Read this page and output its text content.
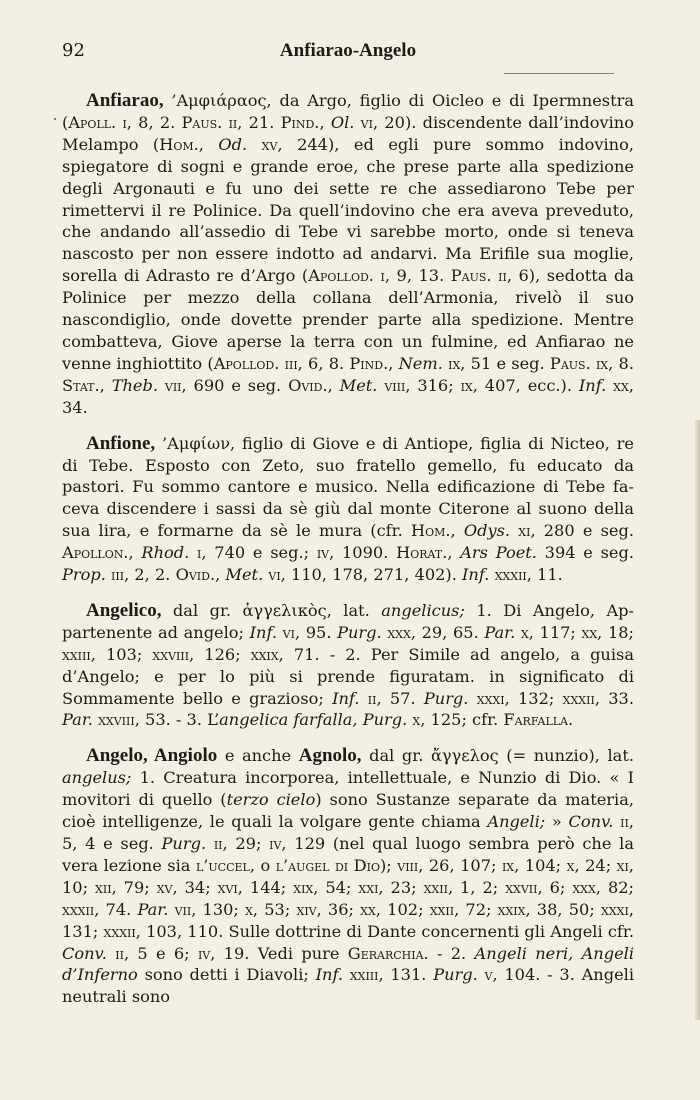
92	Anfiarao-Angelo

Anfiarao, ’Αμφιάραος, da Argo, figlio di Oicleo e di Ipermnestra (Apoll. i, 8, 2. Paus. ii, 21. Pind., Ol. vi, 20). discendente dall’indovino Melampo (Hom., Od. xv, 244), ed egli pure sommo indovino, spiegatore di sogni e grande eroe, che prese parte alla spedizione degli Argonauti e fu uno dei sette re che assediarono Tebe per rimettervi il re Polinice. Da quell’indovino che era aveva preveduto, che andando all’assedio di Tebe vi sarebbe morto, onde si teneva nascosto per non essere indotto ad andarvi. Ma Erifile sua moglie, sorella di Adrasto re d’Argo (Apollod. i, 9, 13. Paus. ii, 6), sedotta da Polinice per mezzo della collana dell’Armonia, rivelò il suo nascondiglio, onde dovette prender parte alla spedizione. Mentre combatteva, Giove aperse la terra con un fulmine, ed Anfiarao ne venne inghiottito (Apollod. iii, 6, 8. Pind., Nem. ix, 51 e seg. Paus. ix, 8. Stat., Theb. vii, 690 e seg. Ovid., Met. viii, 316; ix, 407, ecc.). Inf. xx, 34.

Anfione, ’Αμφίων, figlio di Giove e di Antiope, figlia di Nicteo, re di Tebe. Esposto con Zeto, suo fratello gemello, fu educato da pastori. Fu sommo cantore e musico. Nella edificazione di Tebe faceva discendere i sassi da sè giù dal monte Citerone al suono della sua lira, e formarne da sè le mura (cfr. Hom., Odys. xi, 280 e seg. Apollon., Rhod. i, 740 e seg.; iv, 1090. Horat., Ars Poet. 394 e seg. Prop. iii, 2, 2. Ovid., Met. vi, 110, 178, 271, 402). Inf. xxxii, 11.

Angelico, dal gr. ἀγγελικὸς, lat. angelicus; 1. Di Angelo, Appartenente ad angelo; Inf. vi, 95. Purg. xxx, 29, 65. Par. x, 117; xx, 18; xxiii, 103; xxviii, 126; xxix, 71. - 2. Per Simile ad angelo, a guisa d’Angelo; e per lo più si prende figuratam. in significato di Sommamente bello e grazioso; Inf. ii, 57. Purg. xxxi, 132; xxxii, 33. Par. xxviii, 53. - 3. L’angelica farfalla, Purg. x, 125; cfr. Farfalla.

Angelo, Angiolo e anche Agnolo, dal gr. ἄγγελος (= nunzio), lat. angelus; 1. Creatura incorporea, intellettuale, e Nunzio di Dio. « I movitori di quello (terzo cielo) sono Sustanze separate da materia, cioè intelligenze, le quali la volgare gente chiama Angeli; » Conv. ii, 5, 4 e seg. Purg. ii, 29; iv, 129 (nel qual luogo sembra però che la vera lezione sia l’uccel, o l’augel di Dio); viii, 26, 107; ix, 104; x, 24; xi, 10; xii, 79; xv, 34; xvi, 144; xix, 54; xxi, 23; xxii, 1, 2; xxvii, 6; xxx, 82; xxxii, 74. Par. vii, 130; x, 53; xiv, 36; xx, 102; xxii, 72; xxix, 38, 50; xxxi, 131; xxxii, 103, 110. Sulle dottrine di Dante concernenti gli Angeli cfr. Conv. ii, 5 e 6; iv, 19. Vedi pure Gerarchia. - 2. Angeli neri, Angeli d’Inferno sono detti i Diavoli; Inf. xxiii, 131. Purg. v, 104. - 3. Angeli neutrali sono
